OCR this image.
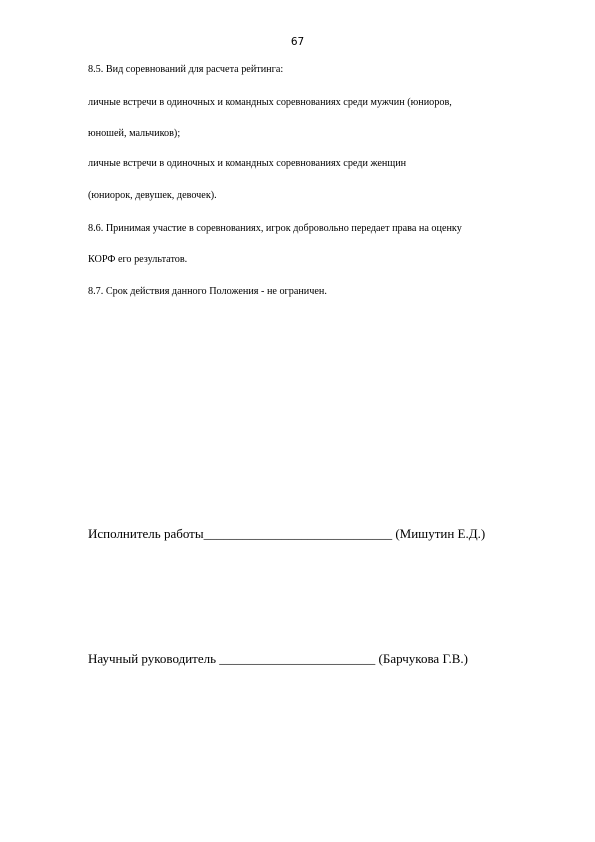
67
8.5. Вид соревнований для расчета рейтинга:
личные встречи в одиночных и командных соревнованиях среди мужчин (юниоров,
юношей, мальчиков);
личные встречи в одиночных и командных соревнованиях среди женщин
(юниорок, девушек, девочек).
8.6. Принимая участие в соревнованиях, игрок добровольно передает права на оценку
КОРФ его результатов.
8.7. Срок действия данного Положения - не ограничен.
Исполнитель работы_____________________________ (Мишутин Е.Д.)
Научный руководитель ________________________ (Барчукова Г.В.)
